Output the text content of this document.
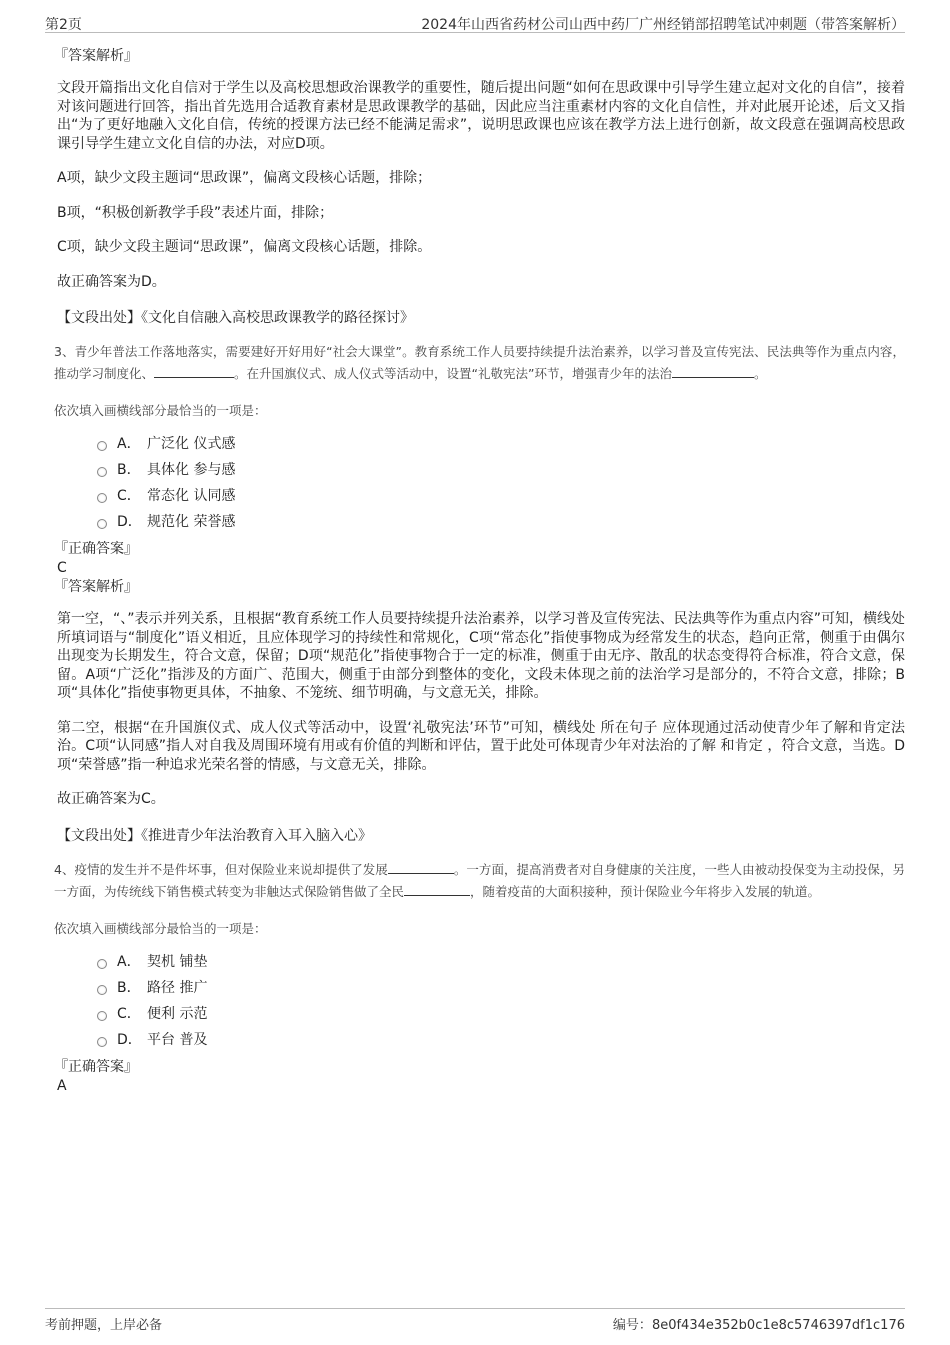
第2页	2024年山西省药材公司山西中药厂广州经销部招聘笔试冲刺题（带答案解析）

『答案解析』

文段开篇指出文化自信对于学生以及高校思想政治课教学的重要性，随后提出问题“如何在思政课中引导学生建立起对文化的自信”，接着对该问题进行回答，指出首先选用合适教育素材是思政课教学的基础，因此应当注重素材内容的文化自信性，并对此展开论述，后文又指出“为了更好地融入文化自信，传统的授课方法已经不能满足需求”，说明思政课也应该在教学方法上进行创新，故文段意在强调高校思政课引导学生建立文化自信的办法，对应D项。

A项，缺少文段主题词“思政课”，偏离文段核心话题，排除；

B项，“积极创新教学手段”表述片面，排除；

C项，缺少文段主题词“思政课”，偏离文段核心话题，排除。

故正确答案为D。

【文段出处】《文化自信融入高校思政课教学的路径探讨》

3、青少年普法工作落地落实，需要建好开好用好“社会大课堂”。教育系统工作人员要持续提升法治素养，以学习普及宣传宪法、民法典等作为重点内容，推动学习制度化、	。在升国旗仪式、成人仪式等活动中，设置“礼敬宪法”环节，增强青少年的法治	。

依次填入画横线部分最恰当的一项是：

A． 广泛化 仪式感
B． 具体化 参与感
C． 常态化 认同感
D． 规范化 荣誉感

『正确答案』

C

『答案解析』

第一空，“、”表示并列关系，且根据“教育系统工作人员要持续提升法治素养，以学习普及宣传宪法、民法典等作为重点内容”可知，横线处所填词语与“制度化”语义相近，且应体现学习的持续性和常规化，C项“常态化”指使事物成为经常发生的状态，趋向正常，侧重于由偶尔出现变为长期发生，符合文意，保留；D项“规范化”指使事物合于一定的标准，侧重于由无序、散乱的状态变得符合标准，符合文意，保留。A项“广泛化”指涉及的方面广、范围大，侧重于由部分到整体的变化，文段未体现之前的法治学习是部分的，不符合文意，排除；B项“具体化”指使事物更具体，不抽象、不笼统、细节明确，与文意无关，排除。

第二空，根据“在升国旗仪式、成人仪式等活动中，设置‘礼敬宪法’环节”可知，横线处 所在句子 应体现通过活动使青少年了解和肯定法治。C项“认同感”指人对自我及周围环境有用或有价值的判断和评估，置于此处可体现青少年对法治的了解 和肯定 ，符合文意，当选。D项“荣誉感”指一种追求光荣名誉的情感，与文意无关，排除。

故正确答案为C。

【文段出处】《推进青少年法治教育入耳入脑入心》

4、疫情的发生并不是件坏事，但对保险业来说却提供了发展	。一方面，提高消费者对自身健康的关注度，一些人由被动投保变为主动投保，另一方面，为传统线下销售模式转变为非触达式保险销售做了全民	，随着疫苗的大面积接种，预计保险业今年将步入发展的轨道。

依次填入画横线部分最恰当的一项是：

A． 契机 铺垫
B． 路径 推广
C． 便利 示范
D． 平台 普及

『正确答案』

A

考前押题，上岸必备	编号：8e0f434e352b0c1e8c5746397df1c176
